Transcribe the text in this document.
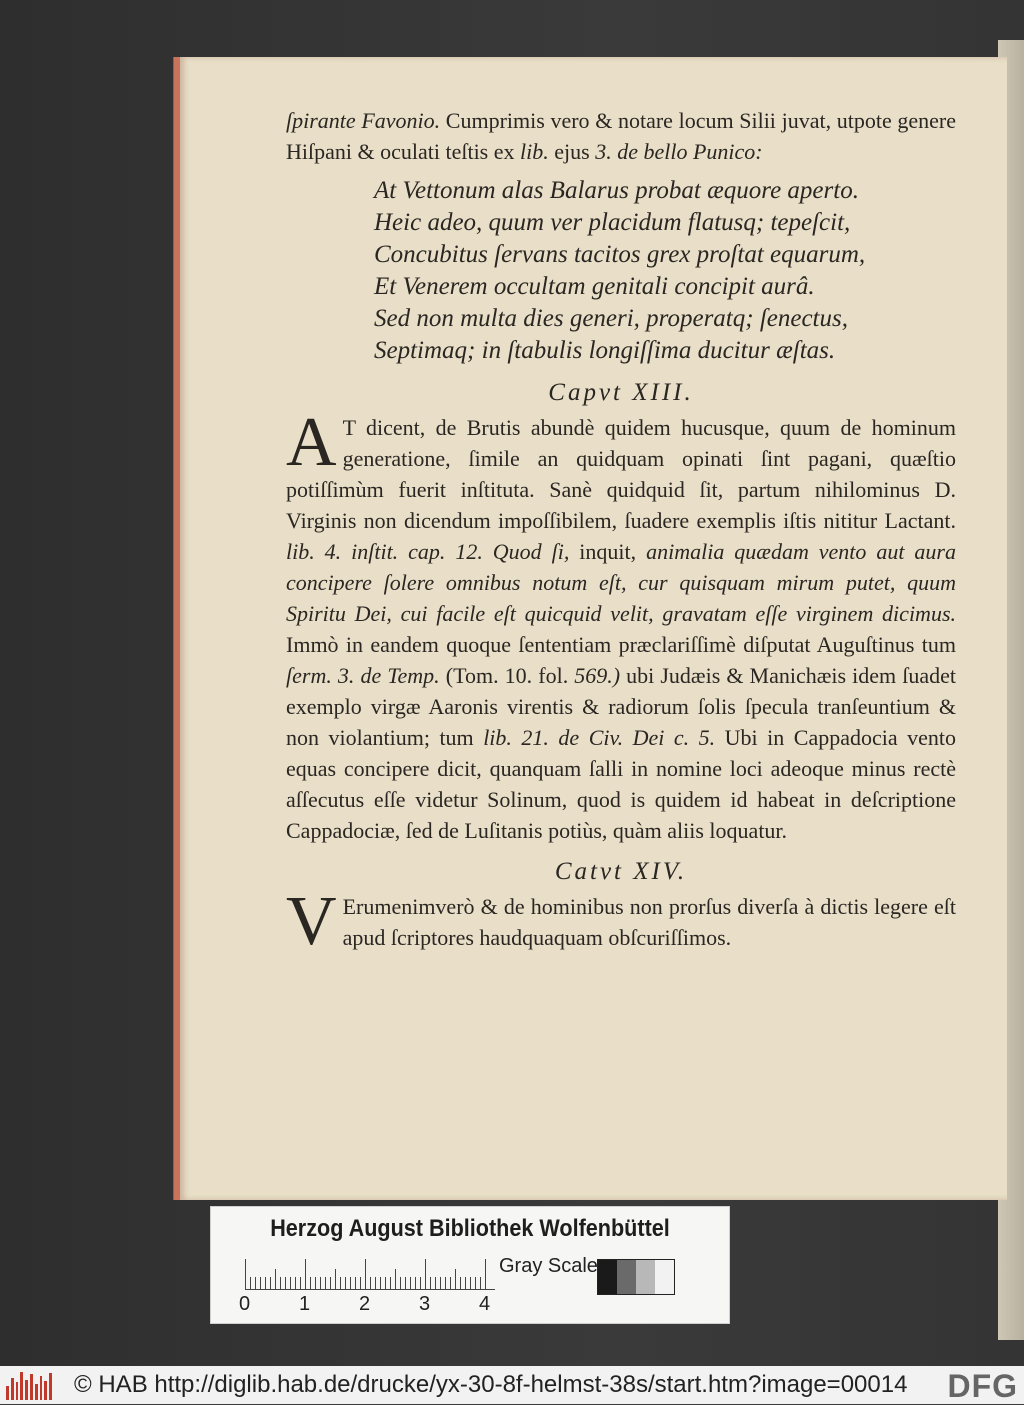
ſpirante Favonio. Cumprimis vero & notare locum Silii juvat, utpote genere Hiſpani & oculati teſtis ex lib. ejus 3. de bello Punico:

At Vettonum alas Balarus probat æquore aperto.
Heic adeo, quum ver placidum flatusq; tepeſcit,
Concubitus ſervans tacitos grex proſtat equarum,
Et Venerem occultam genitali concipit aurâ.
Sed non multa dies generi, properatq; ſenectus,
Septimaq; in ſtabulis longiſſima ducitur æſtas.

Capvt XIII.

A T dicent, de Brutis abundè quidem hucusque, quum de hominum generatione, ſimile an quidquam opinati ſint pagani, quæſtio potiſſimùm fuerit inſtituta. Sanè quidquid ſit, partum nihilominus D. Virginis non dicendum impoſſibilem, ſuadere exemplis iſtis nititur Lactant. lib. 4. inſtit. cap. 12. Quod ſi, inquit, animalia quædam vento aut aura concipere ſolere omnibus notum eſt, cur quisquam mirum putet, quum Spiritu Dei, cui facile eſt quicquid velit, gravatam eſſe virginem dicimus. Immò in eandem quoque ſententiam præclariſſimè diſputat Auguſtinus tum ſerm. 3. de Temp. (Tom. 10. fol. 569.) ubi Judæis & Manichæis idem ſuadet exemplo virgæ Aaronis virentis & radiorum ſolis ſpecula tranſeuntium & non violantium; tum lib. 21. de Civ. Dei c. 5. Ubi in Cappadocia vento equas concipere dicit, quanquam ſalli in nomine loci adeoque minus rectè aſſecutus eſſe videtur Solinum, quod is quidem id habeat in deſcriptione Cappadociæ, ſed de Luſitanis potiùs, quàm aliis loquatur.

Catvt XIV.

V Erumenimverò & de hominibus non prorſus diverſa à dictis legere eſt apud ſcriptores haudquaquam obſcuriſſimos.

Herzog August Bibliothek Wolfenbüttel
0 1 2 3 4
Gray Scale
© HAB http://diglib.hab.de/drucke/yx-30-8f-helmst-38s/start.htm?image=00014 DFG
